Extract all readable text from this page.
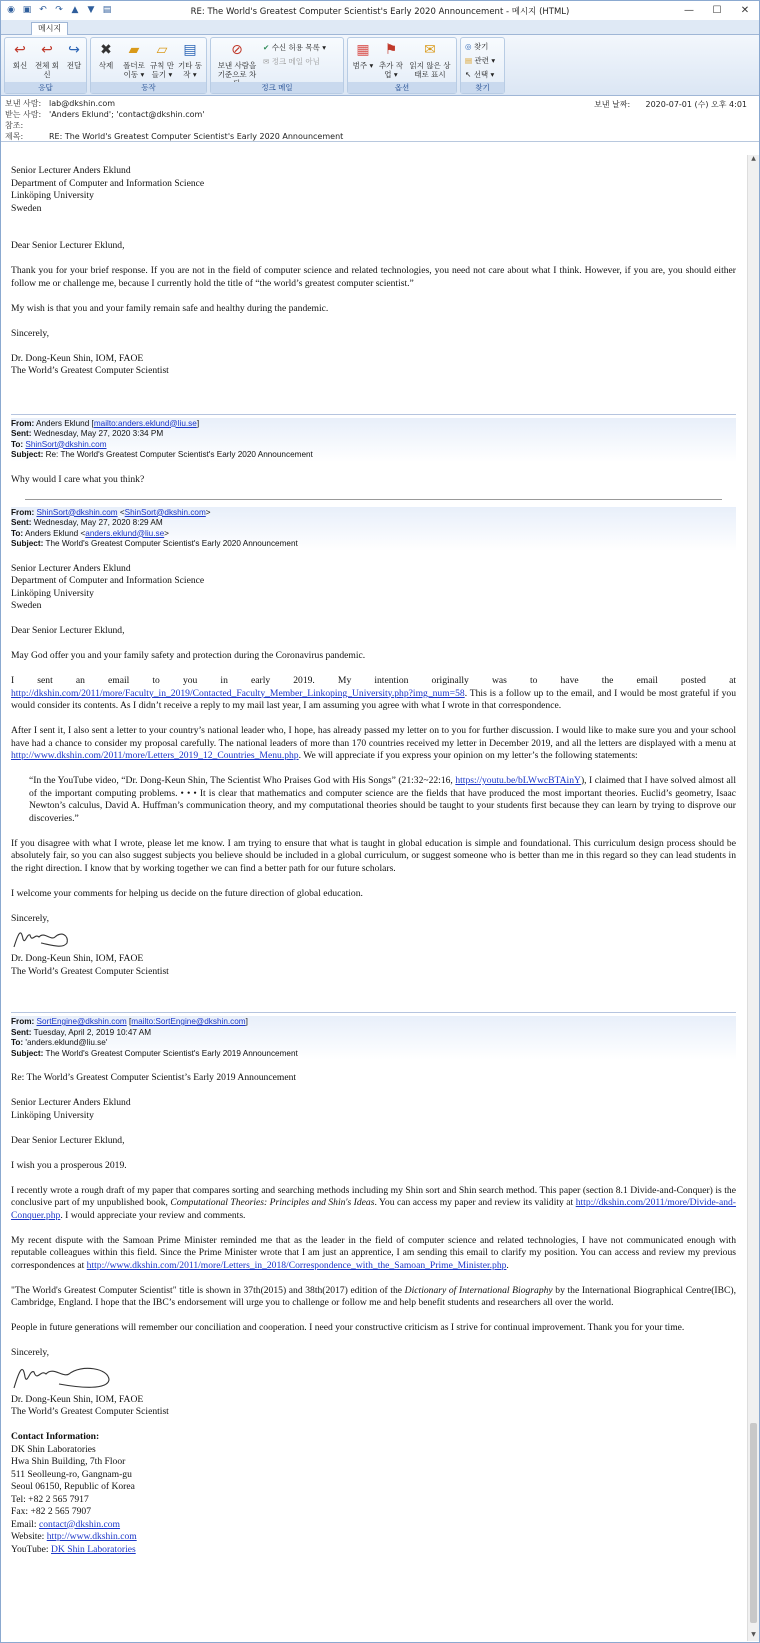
◉ ▣ ↶ ↷ ▲ ▼ ▤	RE: The World's Greatest Computer Scientist's Early 2020 Announcement - 메시지 (HTML)	—	☐	✕
메시지
↩
회신
↩
전체 회신
↪
전달
응답
✖
삭제
▰
폴더로 이동 ▾
▱
규칙 만들기 ▾
▤
기타 동작 ▾
동작
⊘
보낸 사람을 기준으로 차
✔ 수신 허용 목록 ▾
✉ 정크 메일 아님
정크 메일
▦
범주 ▾
⚑
추가 작업 ▾
✉
읽지 않은 상태로 표시
옵션
◎ 찾기
▤ 관련 ▾
↖ 선택 ▾
찾기
보낸 사람: lab@dkshin.com
받는 사람: 'Anders Eklund'; 'contact@dkshin.com'
참조:
제목:	RE: The World's Greatest Computer Scientist's Early 2020 Announcement
보낸 날짜: 2020-07-01 (수) 오후 4:01
Senior Lecturer Anders Eklund
Department of Computer and Information Science
Linköping University
Sweden

Dear Senior Lecturer Eklund,

Thank you for your brief response. If you are not in the field of computer science and related technologies, you need not care about what I think. However, if you are, you should either follow me or challenge me, because I currently hold the title of “the world’s greatest computer scientist.”

My wish is that you and your family remain safe and healthy during the pandemic.

Sincerely,

Dr. Dong-Keun Shin, IOM, FAOE
The World’s Greatest Computer Scientist
From: Anders Eklund [mailto:anders.eklund@liu.se]
Sent: Wednesday, May 27, 2020 3:34 PM
To: ShinSort@dkshin.com
Subject: Re: The World's Greatest Computer Scientist's Early 2020 Announcement

Why would I care what you think?

From: ShinSort@dkshin.com <ShinSort@dkshin.com>
Sent: Wednesday, May 27, 2020 8:29 AM
To: Anders Eklund <anders.eklund@liu.se>
Subject: The World's Greatest Computer Scientist's Early 2020 Announcement
Senior Lecturer Anders Eklund
Department of Computer and Information Science
Linköping University
Sweden

Dear Senior Lecturer Eklund,

May God offer you and your family safety and protection during the Coronavirus pandemic.

I sent an email to you in early 2019. My intention originally was to have the email posted at http://dkshin.com/2011/more/Faculty_in_2019/Contacted_Faculty_Member_Linkoping_University.php?img_num=58. This is a follow up to the email, and I would be most grateful if you would consider its contents. As I didn’t receive a reply to my mail last year, I am assuming you agree with what I wrote in that correspondence.

After I sent it, I also sent a letter to your country’s national leader who, I hope, has already passed my letter on to you for further discussion. I would like to make sure you and your school have had a chance to consider my proposal carefully. The national leaders of more than 170 countries received my letter in December 2019, and all the letters are displayed with a menu at http://www.dkshin.com/2011/more/Letters_2019_12_Countries_Menu.php. We will appreciate if you express your opinion on my letter’s the following statements:

“In the YouTube video, “Dr. Dong-Keun Shin, The Scientist Who Praises God with His Songs” (21:32~22:16, https://youtu.be/bLWwcBTAinY), I claimed that I have solved almost all of the important computing problems. • • • It is clear that mathematics and computer science are the fields that have produced the most important theories. Euclid’s geometry, Isaac Newton’s calculus, David A. Huffman’s communication theory, and my computational theories should be taught to your students first because they can learn by trying to disprove our discoveries.”

If you disagree with what I wrote, please let me know. I am trying to ensure that what is taught in global education is simple and foundational. This curriculum design process should be absolutely fair, so you can also suggest subjects you believe should be included in a global curriculum, or suggest someone who is better than me in this regard so they can lead students in the right direction. I know that by working together we can find a better path for our future scholars.

I welcome your comments for helping us decide on the future direction of global education.

Sincerely,

Dr. Dong-Keun Shin, IOM, FAOE
The World’s Greatest Computer Scientist
From: SortEngine@dkshin.com [mailto:SortEngine@dkshin.com]
Sent: Tuesday, April 2, 2019 10:47 AM
To: 'anders.eklund@liu.se'
Subject: The World's Greatest Computer Scientist's Early 2019 Announcement

Re: The World’s Greatest Computer Scientist’s Early 2019 Announcement

Senior Lecturer Anders Eklund
Linköping University

Dear Senior Lecturer Eklund,

I wish you a prosperous 2019.

I recently wrote a rough draft of my paper that compares sorting and searching methods including my Shin sort and Shin search method. This paper (section 8.1 Divide-and-Conquer) is the conclusive part of my unpublished book, Computational Theories: Principles and Shin's Ideas. You can access my paper and review its validity at http://dkshin.com/2011/more/Divide-and-Conquer.php. I would appreciate your review and comments.

My recent dispute with the Samoan Prime Minister reminded me that as the leader in the field of computer science and related technologies, I have not communicated enough with reputable colleagues within this field. Since the Prime Minister wrote that I am just an apprentice, I am sending this email to clarify my position. You can access and review my previous correspondences at http://www.dkshin.com/2011/more/Letters_in_2018/Correspondence_with_the_Samoan_Prime_Minister.php.

"The World's Greatest Computer Scientist" title is shown in 37th(2015) and 38th(2017) edition of the Dictionary of International Biography by the International Biographical Centre(IBC), Cambridge, England. I hope that the IBC’s endorsement will urge you to challenge or follow me and help benefit students and researchers all over the world.

People in future generations will remember our conciliation and cooperation. I need your constructive criticism as I strive for continual improvement. Thank you for your time.

Sincerely,

Dr. Dong-Keun Shin, IOM, FAOE
The World’s Greatest Computer Scientist
Contact Information:
DK Shin Laboratories
Hwa Shin Building, 7th Floor
511 Seolleung-ro, Gangnam-gu
Seoul 06150, Republic of Korea
Tel: +82 2 565 7917
Fax: +82 2 565 7907
Email: contact@dkshin.com
Website: http://www.dkshin.com
YouTube: DK Shin Laboratories
▲
▼
